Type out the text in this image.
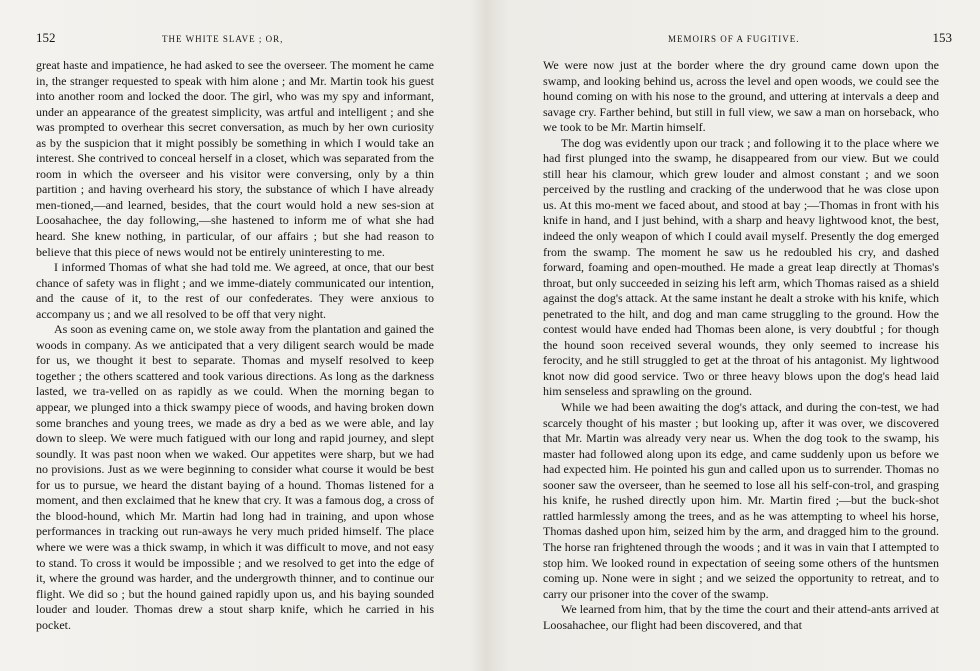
152	THE WHITE SLAVE ; OR,

great haste and impatience, he had asked to see the overseer. The moment he came in, the stranger requested to speak with him alone ; and Mr. Martin took his guest into another room and locked the door. The girl, who was my spy and informant, under an appearance of the greatest simplicity, was artful and intelligent ; and she was prompted to overhear this secret conversation, as much by her own curiosity as by the suspicion that it might possibly be something in which I would take an interest. She contrived to conceal herself in a closet, which was separated from the room in which the overseer and his visitor were conversing, only by a thin partition ; and having overheard his story, the substance of which I have already men-tioned,—and learned, besides, that the court would hold a new ses-sion at Loosahachee, the day following,—she hastened to inform me of what she had heard. She knew nothing, in particular, of our affairs ; but she had reason to believe that this piece of news would not be entirely uninteresting to me.

I informed Thomas of what she had told me. We agreed, at once, that our best chance of safety was in flight ; and we imme-diately communicated our intention, and the cause of it, to the rest of our confederates. They were anxious to accompany us ; and we all resolved to be off that very night.

As soon as evening came on, we stole away from the plantation and gained the woods in company. As we anticipated that a very diligent search would be made for us, we thought it best to separate. Thomas and myself resolved to keep together ; the others scattered and took various directions. As long as the darkness lasted, we tra-velled on as rapidly as we could. When the morning began to appear, we plunged into a thick swampy piece of woods, and having broken down some branches and young trees, we made as dry a bed as we were able, and lay down to sleep. We were much fatigued with our long and rapid journey, and slept soundly. It was past noon when we waked. Our appetites were sharp, but we had no provisions. Just as we were beginning to consider what course it would be best for us to pursue, we heard the distant baying of a hound. Thomas listened for a moment, and then exclaimed that he knew that cry. It was a famous dog, a cross of the blood-hound, which Mr. Martin had long had in training, and upon whose performances in tracking out run-aways he very much prided himself. The place where we were was a thick swamp, in which it was difficult to move, and not easy to stand. To cross it would be impossible ; and we resolved to get into the edge of it, where the ground was harder, and the undergrowth thinner, and to continue our flight. We did so ; but the hound gained rapidly upon us, and his baying sounded louder and louder. Thomas drew a stout sharp knife, which he carried in his pocket.

MEMOIRS OF A FUGITIVE.	153

We were now just at the border where the dry ground came down upon the swamp, and looking behind us, across the level and open woods, we could see the hound coming on with his nose to the ground, and uttering at intervals a deep and savage cry. Farther behind, but still in full view, we saw a man on horseback, who we took to be Mr. Martin himself.

The dog was evidently upon our track ; and following it to the place where we had first plunged into the swamp, he disappeared from our view. But we could still hear his clamour, which grew louder and almost constant ; and we soon perceived by the rustling and cracking of the underwood that he was close upon us. At this mo-ment we faced about, and stood at bay ;—Thomas in front with his knife in hand, and I just behind, with a sharp and heavy lightwood knot, the best, indeed the only weapon of which I could avail myself. Presently the dog emerged from the swamp. The moment he saw us he redoubled his cry, and dashed forward, foaming and open-mouthed. He made a great leap directly at Thomas's throat, but only succeeded in seizing his left arm, which Thomas raised as a shield against the dog's attack. At the same instant he dealt a stroke with his knife, which penetrated to the hilt, and dog and man came struggling to the ground. How the contest would have ended had Thomas been alone, is very doubtful ; for though the hound soon received several wounds, they only seemed to increase his ferocity, and he still struggled to get at the throat of his antagonist. My lightwood knot now did good service. Two or three heavy blows upon the dog's head laid him senseless and sprawling on the ground.

While we had been awaiting the dog's attack, and during the con-test, we had scarcely thought of his master ; but looking up, after it was over, we discovered that Mr. Martin was already very near us. When the dog took to the swamp, his master had followed along upon its edge, and came suddenly upon us before we had expected him. He pointed his gun and called upon us to surrender. Thomas no sooner saw the overseer, than he seemed to lose all his self-con-trol, and grasping his knife, he rushed directly upon him. Mr. Martin fired ;—but the buck-shot rattled harmlessly among the trees, and as he was attempting to wheel his horse, Thomas dashed upon him, seized him by the arm, and dragged him to the ground. The horse ran frightened through the woods ; and it was in vain that I attempted to stop him. We looked round in expectation of seeing some others of the huntsmen coming up. None were in sight ; and we seized the opportunity to retreat, and to carry our prisoner into the cover of the swamp.

We learned from him, that by the time the court and their attend-ants arrived at Loosahachee, our flight had been discovered, and that
